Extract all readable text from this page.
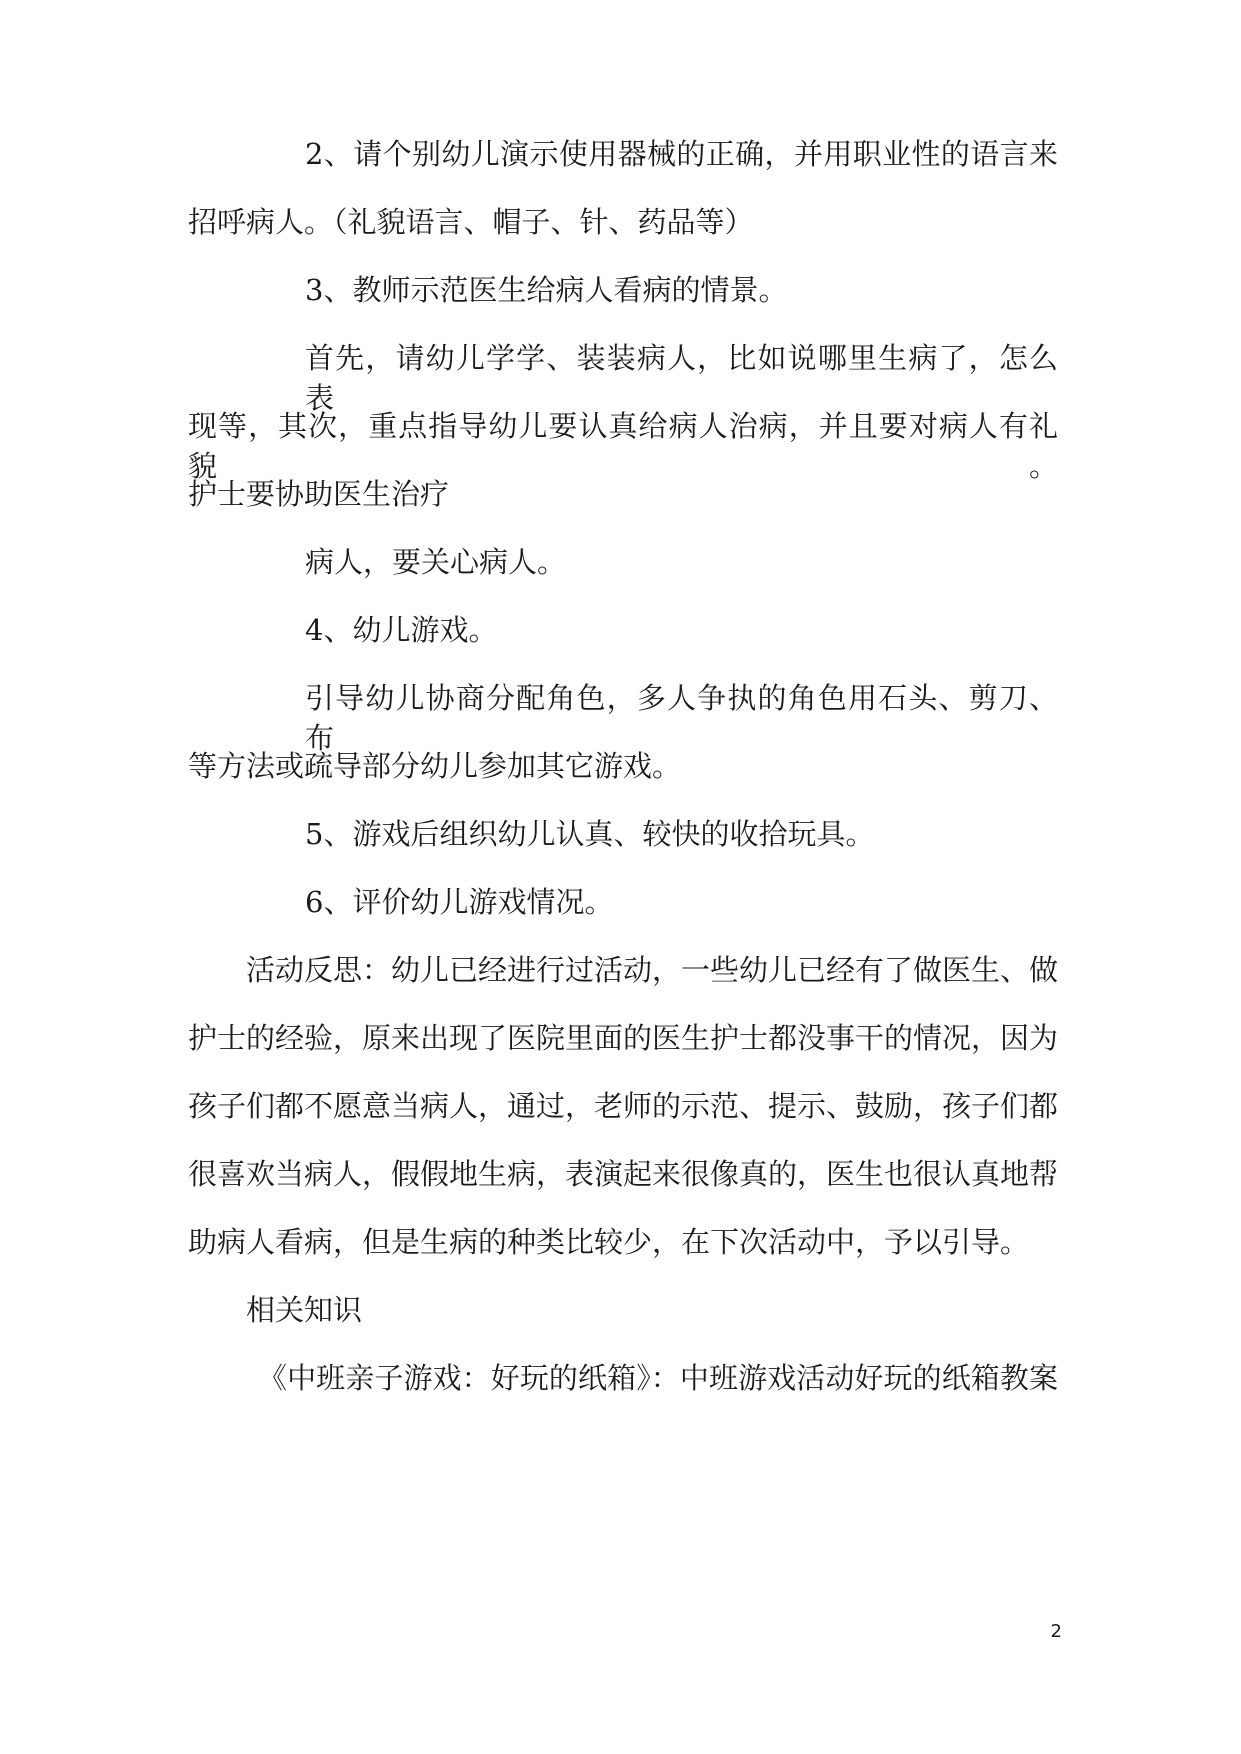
2、请个别幼儿演示使用器械的正确，并用职业性的语言来

招呼病人。（礼貌语言、帽子、针、药品等）

3、教师示范医生给病人看病的情景。

首先，请幼儿学学、装装病人，比如说哪里生病了，怎么表

现等，其次，重点指导幼儿要认真给病人治病，并且要对病人有礼貌。

护士要协助医生治疗

病人，要关心病人。

4、幼儿游戏。

引导幼儿协商分配角色，多人争执的角色用石头、剪刀、布

等方法或疏导部分幼儿参加其它游戏。

5、游戏后组织幼儿认真、较快的收拾玩具。

6、评价幼儿游戏情况。

活动反思：幼儿已经进行过活动，一些幼儿已经有了做医生、做

护士的经验，原来出现了医院里面的医生护士都没事干的情况，因为

孩子们都不愿意当病人，通过，老师的示范、提示、鼓励，孩子们都

很喜欢当病人，假假地生病，表演起来很像真的，医生也很认真地帮

助病人看病，但是生病的种类比较少，在下次活动中，予以引导。

相关知识

《中班亲子游戏：好玩的纸箱》：中班游戏活动好玩的纸箱教案

2
